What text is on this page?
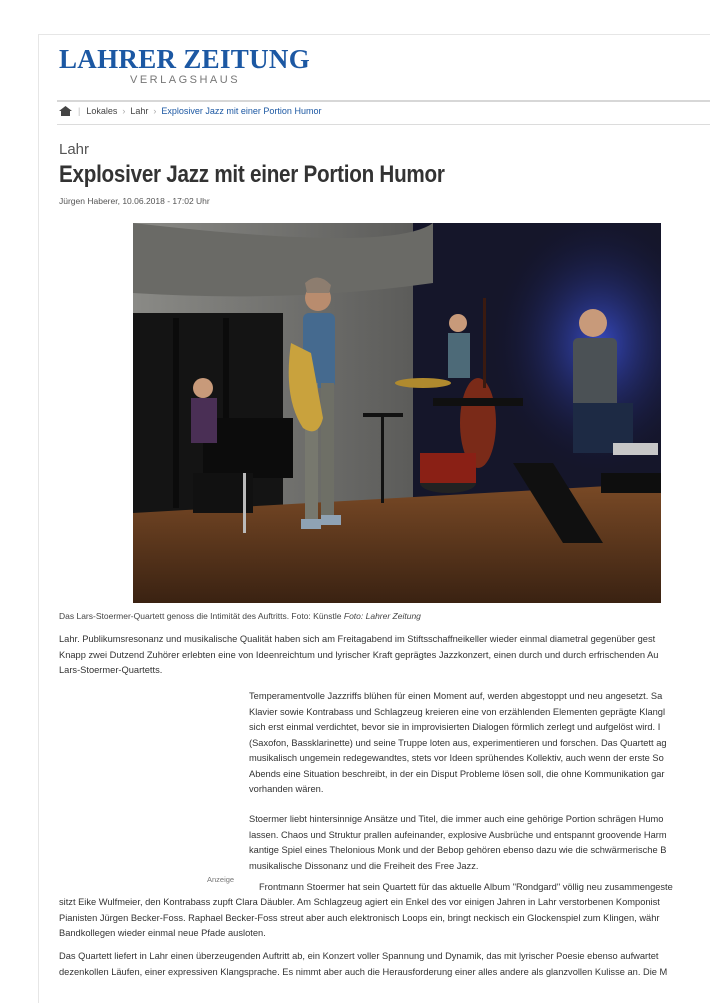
LAHRER ZEITUNG
VERLAGSHAUS
| Lokales › Lahr › Explosiver Jazz mit einer Portion Humor
Lahr
Explosiver Jazz mit einer Portion Humor
Jürgen Haberer, 10.06.2018 - 17:02 Uhr
Das Lars-Stoermer-Quartett genoss die Intimität des Auftritts. Foto: Künstle Foto: Lahrer Zeitung
Lahr. Publikumsresonanz und musikalische Qualität haben sich am Freitagabend im Stiftsschaffneikeller wieder einmal diametral gegenüber gest
Knapp zwei Dutzend Zuhörer erlebten eine von Ideenreichtum und lyrischer Kraft geprägtes Jazzkonzert, einen durch und durch erfrischenden Au
Lars-Stoermer-Quartetts.
Temperamentvolle Jazzriffs blühen für einen Moment auf, werden abgestoppt und neu angesetzt. Sa
Klavier sowie Kontrabass und Schlagzeug kreieren eine von erzählenden Elementen geprägte Klangl
sich erst einmal verdichtet, bevor sie in improvisierten Dialogen förmlich zerlegt und aufgelöst wird. I
(Saxofon, Bassklarinette) und seine Truppe loten aus, experimentieren und forschen. Das Quartett ag
musikalisch ungemein redegewandtes, stets vor Ideen sprühendes Kollektiv, auch wenn der erste So
Abends eine Situation beschreibt, in der ein Disput Probleme lösen soll, die ohne Kommunikation gar
vorhanden wären.
Stoermer liebt hintersinnige Ansätze und Titel, die immer auch eine gehörige Portion schrägen Humo
lassen. Chaos und Struktur prallen aufeinander, explosive Ausbrüche und entspannt groovende Harm
kantige Spiel eines Thelonious Monk und der Bebop gehören ebenso dazu wie die schwärmerische B
musikalische Dissonanz und die Freiheit des Free Jazz.
Anzeige
Frontmann Stoermer hat sein Quartett für das aktuelle Album "Rondgard" völlig neu zusammengeste
sitzt Eike Wulfmeier, den Kontrabass zupft Clara Däubler. Am Schlagzeug agiert ein Enkel des vor einigen Jahren in Lahr verstorbenen Komponist
Pianisten Jürgen Becker-Foss. Raphael Becker-Foss streut aber auch elektronisch Loops ein, bringt neckisch ein Glockenspiel zum Klingen, währ
Bandkollegen wieder einmal neue Pfade ausloten.
Das Quartett liefert in Lahr einen überzeugenden Auftritt ab, ein Konzert voller Spannung und Dynamik, das mit lyrischer Poesie ebenso aufwartet
dezenkollen Läufen, einer expressiven Klangsprache. Es nimmt aber auch die Herausforderung einer alles andere als glanzvollen Kulisse an. Die M
